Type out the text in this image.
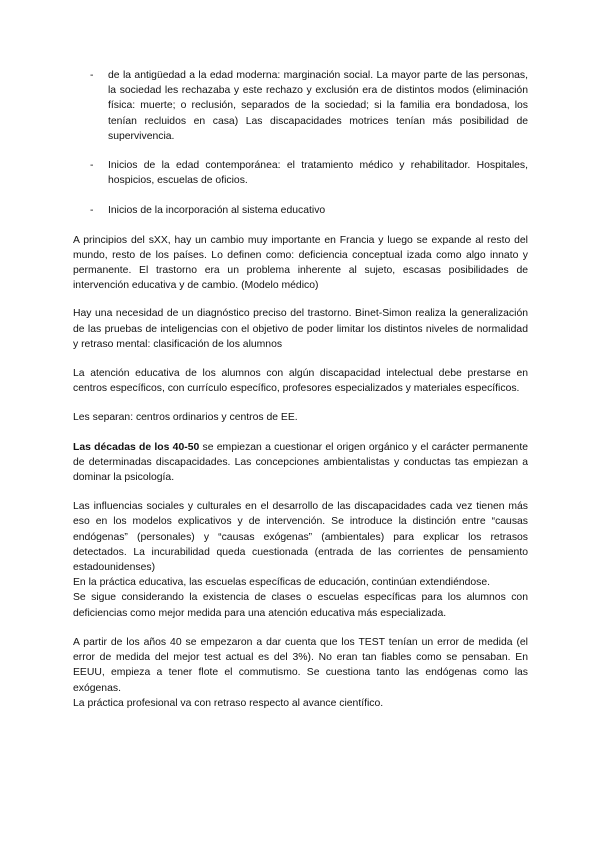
- de la antigüedad a la edad moderna: marginación social. La mayor parte de las personas, la sociedad les rechazaba y este rechazo y exclusión era de distintos modos (eliminación física: muerte; o reclusión, separados de la sociedad; si la familia era bondadosa, los tenían recluidos en casa) Las discapacidades motrices tenían más posibilidad de supervivencia.
- Inicios de la edad contemporánea: el tratamiento médico y rehabilitador. Hospitales, hospicios, escuelas de oficios.
- Inicios de la incorporación al sistema educativo

A principios del sXX, hay un cambio muy importante en Francia y luego se expande al resto del mundo, resto de los países. Lo definen como: deficiencia conceptual izada como algo innato y permanente. El trastorno era un problema inherente al sujeto, escasas posibilidades de intervención educativa y de cambio. (Modelo médico)

Hay una necesidad de un diagnóstico preciso del trastorno. Binet-Simon realiza la generalización de las pruebas de inteligencias con el objetivo de poder limitar los distintos niveles de normalidad y retraso mental: clasificación de los alumnos

La atención educativa de los alumnos con algún discapacidad intelectual debe prestarse en centros específicos, con currículo específico, profesores especializados y materiales específicos.

Les separan: centros ordinarios y centros de EE.

Las décadas de los 40-50 se empiezan a cuestionar el origen orgánico y el carácter permanente de determinadas discapacidades. Las concepciones ambientalistas y conductas tas empiezan a dominar la psicología.

Las influencias sociales y culturales en el desarrollo de las discapacidades cada vez tienen más eso en los modelos explicativos y de intervención. Se introduce la distinción entre “causas endógenas” (personales) y “causas exógenas” (ambientales) para explicar los retrasos detectados. La incurabilidad queda cuestionada (entrada de las corrientes de pensamiento estadounidenses)

En la práctica educativa, las escuelas específicas de educación, continúan extendiéndose.

Se sigue considerando la existencia de clases o escuelas específicas para los alumnos con deficiencias como mejor medida para una atención educativa más especializada.

A partir de los años 40 se empezaron a dar cuenta que los TEST tenían un error de medida (el error de medida del mejor test actual es del 3%). No eran tan fiables como se pensaban. En EEUU, empieza a tener flote el commutismo. Se cuestiona tanto las endógenas como las exógenas.

La práctica profesional va con retraso respecto al avance científico.
